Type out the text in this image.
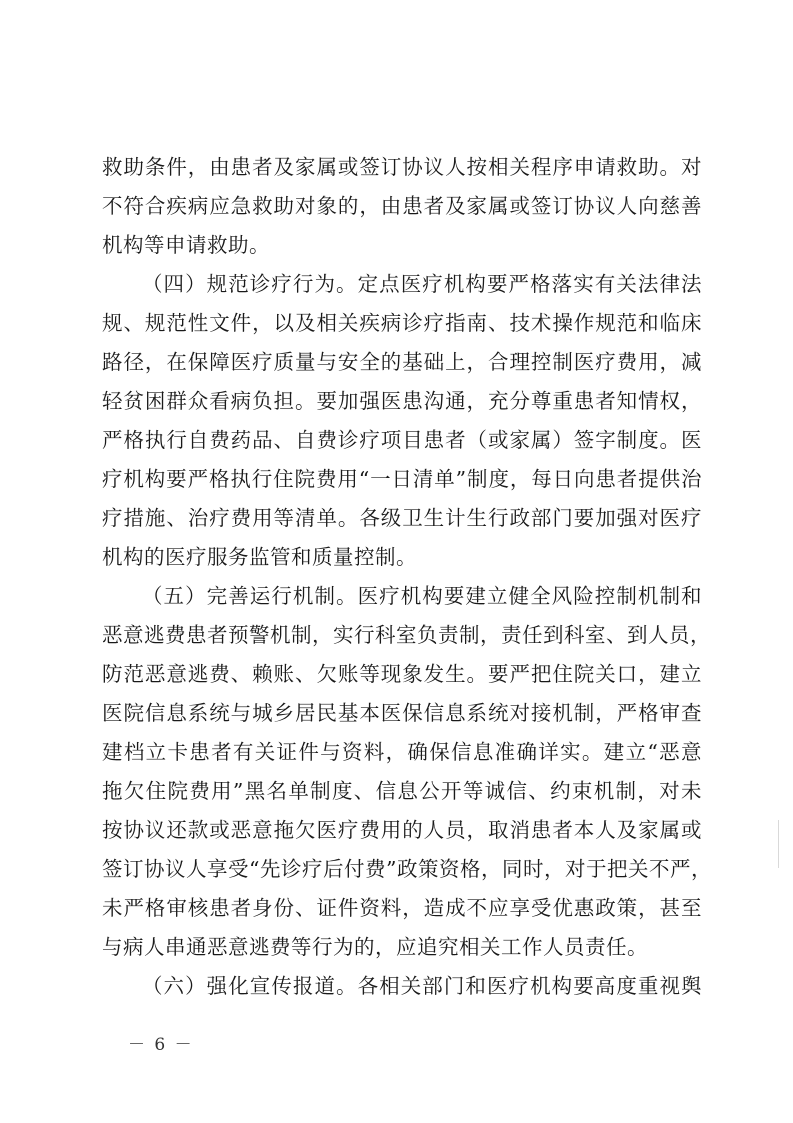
救助条件，由患者及家属或签订协议人按相关程序申请救助。对
不符合疾病应急救助对象的，由患者及家属或签订协议人向慈善
机构等申请救助。
（四）规范诊疗行为。定点医疗机构要严格落实有关法律法
规、规范性文件，以及相关疾病诊疗指南、技术操作规范和临床
路径，在保障医疗质量与安全的基础上，合理控制医疗费用，减
轻贫困群众看病负担。要加强医患沟通，充分尊重患者知情权，
严格执行自费药品、自费诊疗项目患者（或家属）签字制度。医
疗机构要严格执行住院费用“一日清单”制度，每日向患者提供治
疗措施、治疗费用等清单。各级卫生计生行政部门要加强对医疗
机构的医疗服务监管和质量控制。
（五）完善运行机制。医疗机构要建立健全风险控制机制和
恶意逃费患者预警机制，实行科室负责制，责任到科室、到人员，
防范恶意逃费、赖账、欠账等现象发生。要严把住院关口，建立
医院信息系统与城乡居民基本医保信息系统对接机制，严格审查
建档立卡患者有关证件与资料，确保信息准确详实。建立“恶意
拖欠住院费用”黑名单制度、信息公开等诚信、约束机制，对未
按协议还款或恶意拖欠医疗费用的人员，取消患者本人及家属或
签订协议人享受“先诊疗后付费”政策资格，同时，对于把关不严，
未严格审核患者身份、证件资料，造成不应享受优惠政策，甚至
与病人串通恶意逃费等行为的，应追究相关工作人员责任。
（六）强化宣传报道。各相关部门和医疗机构要高度重视舆
－ 6 －
